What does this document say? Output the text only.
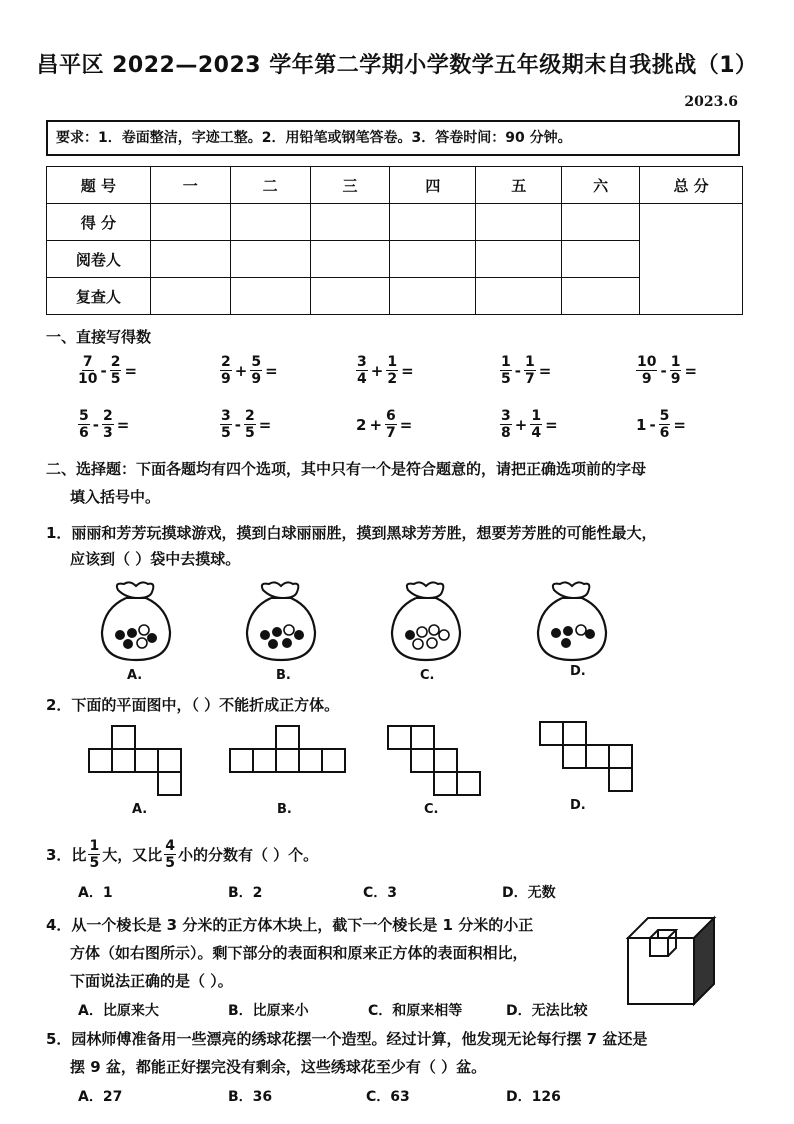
昌平区 2022—2023 学年第二学期小学数学五年级期末自我挑战（1）
2023.6
要求：1．卷面整洁，字迹工整。2．用铅笔或钢笔答卷。3．答卷时间：90 分钟。
题 号	一	二	三	四	五	六	总 分
得 分							
阅卷人							
复查人							
一、直接写得数
$\frac{7}{10} - \frac{2}{5}$ =	$\frac{2}{9} + \frac{5}{9}$ =	$\frac{3}{4} + \frac{1}{2}$ =	$\frac{1}{5} - \frac{1}{7}$ =	$\frac{10}{9} - \frac{1}{9}$ =
$\frac{5}{6} - \frac{2}{3}$ =	$\frac{3}{5} - \frac{2}{5}$ =	$2 + \frac{6}{7}$ =	$\frac{3}{8} + \frac{1}{4}$ =	$1 - \frac{5}{6}$ =
二、选择题：下面各题均有四个选项，其中只有一个是符合题意的，请把正确选项前的字母
填入括号中。
1．丽丽和芳芳玩摸球游戏，摸到白球丽丽胜，摸到黑球芳芳胜，想要芳芳胜的可能性最大，
应该到（ ）袋中去摸球。
A.	B.	C.	D.
2．下面的平面图中，（ ）不能折成正方体。
A.	B.	C.	D.
3．比 $\frac{1}{5}$ 大，又比 $\frac{4}{5}$ 小的分数有（ ）个。
A．1	B．2	C．3	D．无数
4．从一个棱长是 3 分米的正方体木块上，截下一个棱长是 1 分米的小正
方体（如右图所示）。剩下部分的表面积和原来正方体的表面积相比，
下面说法正确的是（ ）。
A．比原来大	B．比原来小	C．和原来相等	D．无法比较
5．园林师傅准备用一些漂亮的绣球花摆一个造型。经过计算，他发现无论每行摆 7 盆还是
摆 9 盆，都能正好摆完没有剩余，这些绣球花至少有（ ）盆。
A．27	B．36	C．63	D．126
